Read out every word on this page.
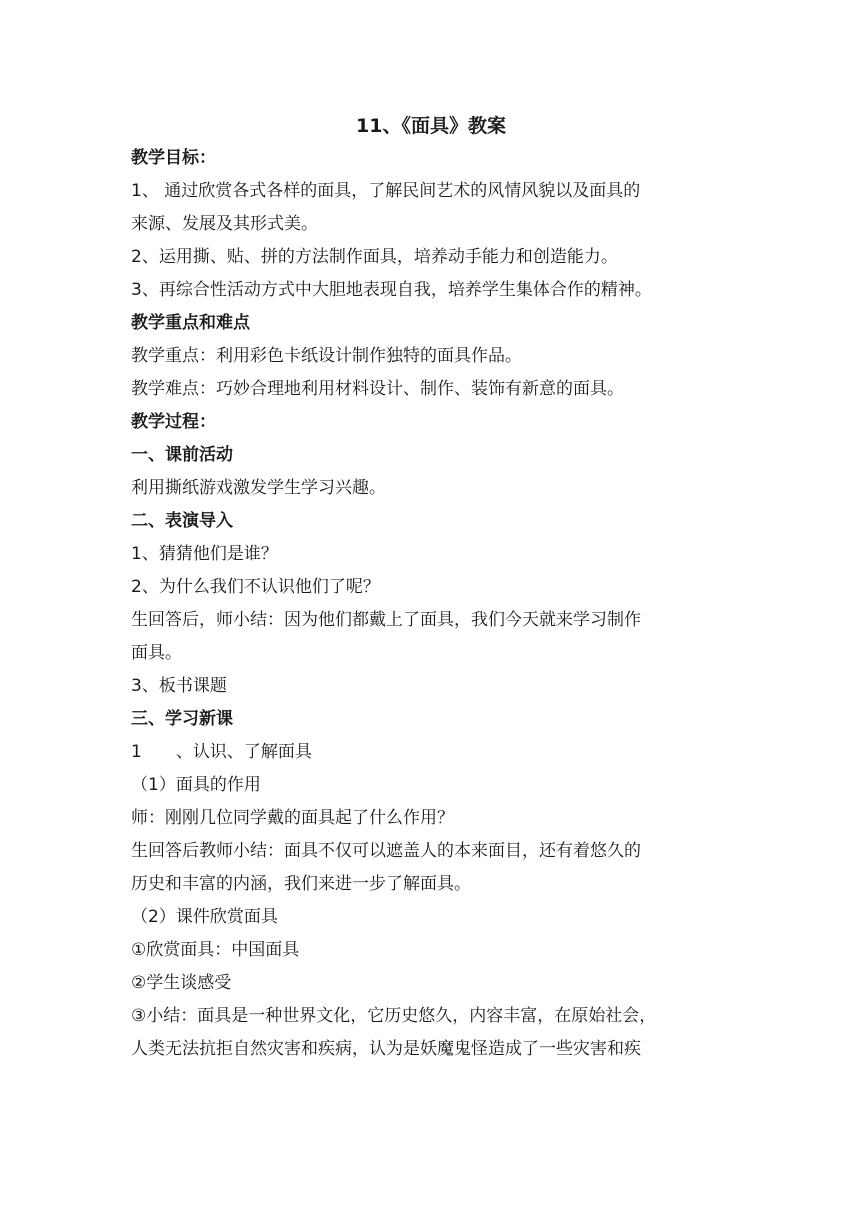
11、《面具》教案

教学目标：

1、 通过欣赏各式各样的面具，了解民间艺术的风情风貌以及面具的

来源、发展及其形式美。

2、运用撕、贴、拼的方法制作面具，培养动手能力和创造能力。

3、再综合性活动方式中大胆地表现自我，培养学生集体合作的精神。

教学重点和难点

教学重点：利用彩色卡纸设计制作独特的面具作品。

教学难点：巧妙合理地利用材料设计、制作、装饰有新意的面具。

教学过程：

一、课前活动

利用撕纸游戏激发学生学习兴趣。

二、表演导入

1、猜猜他们是谁？

2、为什么我们不认识他们了呢？

生回答后，师小结：因为他们都戴上了面具，我们今天就来学习制作

面具。

3、板书课题

三、学习新课

1　　、认识、了解面具

（1）面具的作用

师：刚刚几位同学戴的面具起了什么作用？

生回答后教师小结：面具不仅可以遮盖人的本来面目，还有着悠久的

历史和丰富的内涵，我们来进一步了解面具。

（2）课件欣赏面具

①欣赏面具：中国面具

②学生谈感受

③小结：面具是一种世界文化，它历史悠久，内容丰富，在原始社会，

人类无法抗拒自然灾害和疾病，认为是妖魔鬼怪造成了一些灾害和疾
